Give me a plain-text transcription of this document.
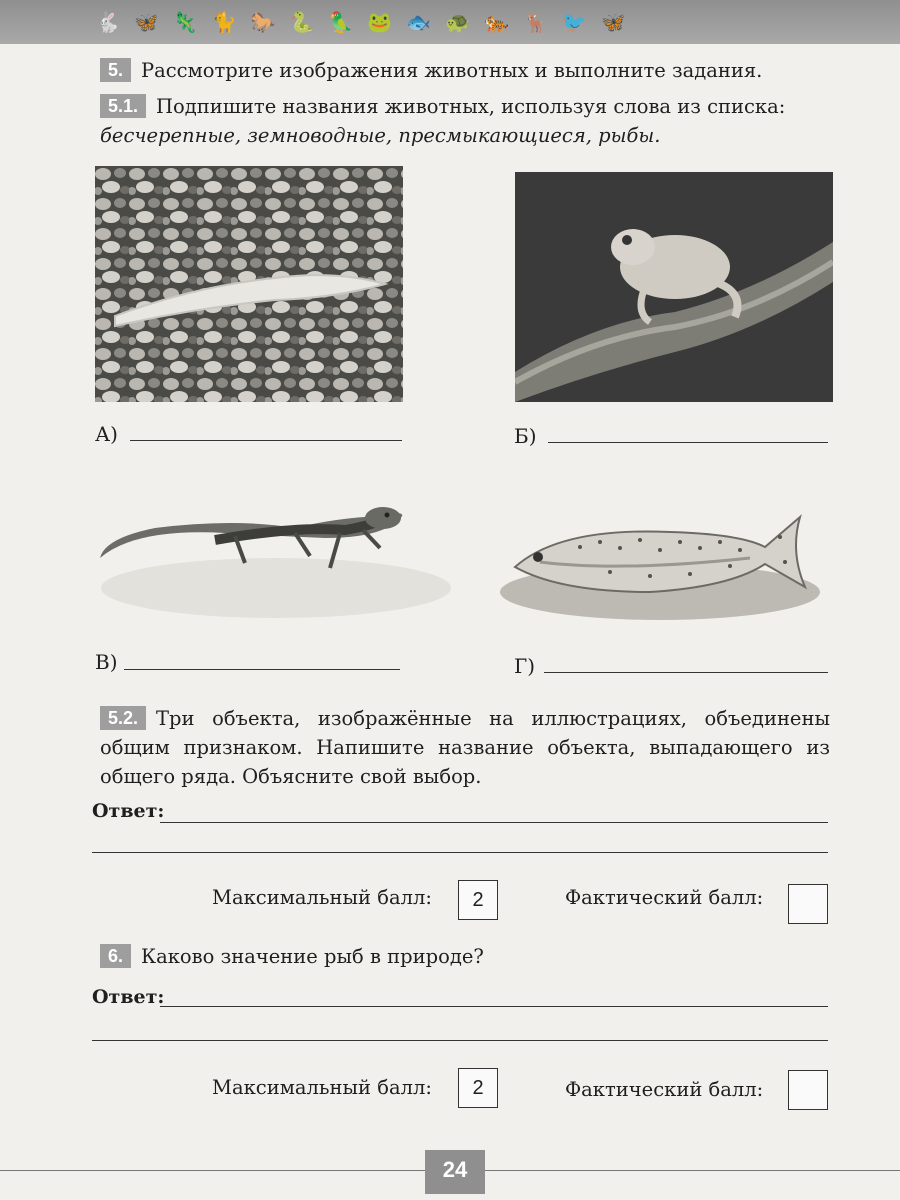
🐇 🦋 🦎 🐈 🐎 🐍 🦜 🐸 🐟 🐢 🐅 🦌 🐦 🦋
5. Рассмотрите изображения животных и выполните задания.
5.1. Подпишите названия животных, используя слова из списка:
бесчерепные, земноводные, пресмыкающиеся, рыбы.
А)	Б)
В)	Г)
5.2. Три объекта, изображённые на иллюстрациях, объединены общим признаком. Напишите название объекта, выпадающего из общего ряда. Объясните свой выбор.
Ответ:
Максимальный балл:	2	Фактический балл:
6. Каково значение рыб в природе?
Ответ:
Максимальный балл:	2	Фактический балл:
24
